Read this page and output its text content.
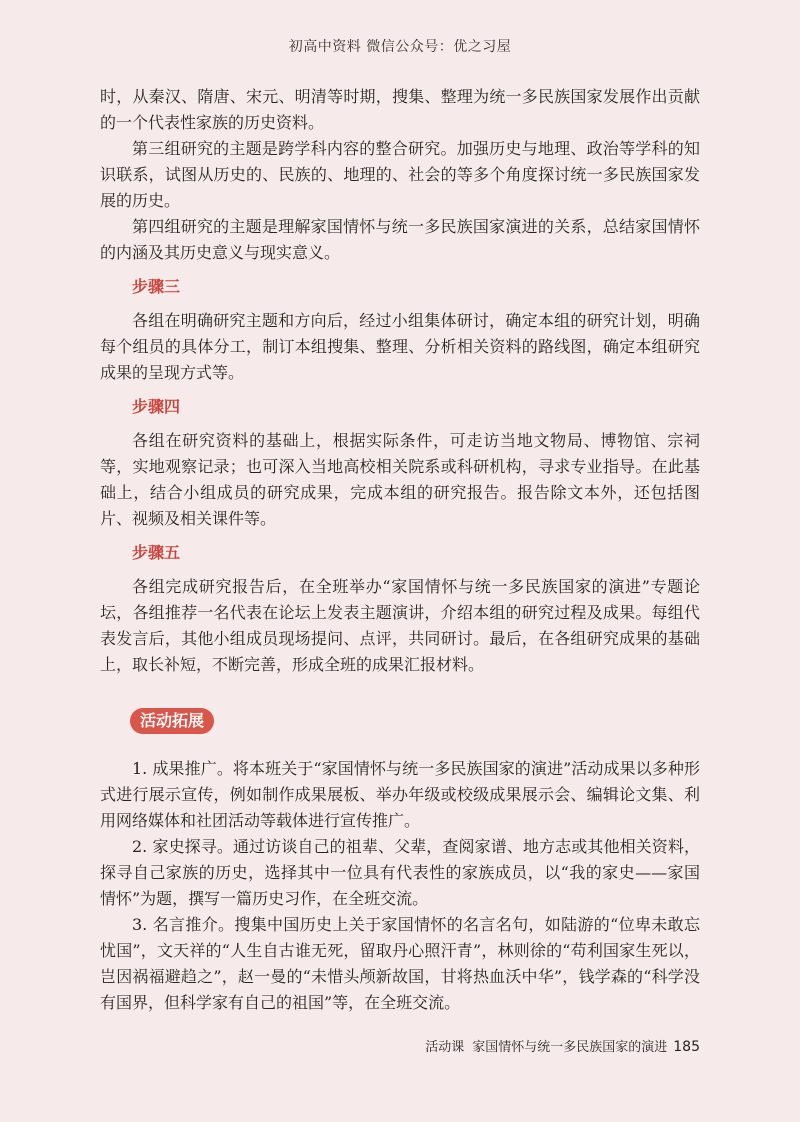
初高中资料 微信公众号：优之习屋

时，从秦汉、隋唐、宋元、明清等时期，搜集、整理为统一多民族国家发展作出贡献的一个代表性家族的历史资料。

第三组研究的主题是跨学科内容的整合研究。加强历史与地理、政治等学科的知识联系，试图从历史的、民族的、地理的、社会的等多个角度探讨统一多民族国家发展的历史。

第四组研究的主题是理解家国情怀与统一多民族国家演进的关系，总结家国情怀的内涵及其历史意义与现实意义。

步骤三

各组在明确研究主题和方向后，经过小组集体研讨，确定本组的研究计划，明确每个组员的具体分工，制订本组搜集、整理、分析相关资料的路线图，确定本组研究成果的呈现方式等。

步骤四

各组在研究资料的基础上，根据实际条件，可走访当地文物局、博物馆、宗祠等，实地观察记录；也可深入当地高校相关院系或科研机构，寻求专业指导。在此基础上，结合小组成员的研究成果，完成本组的研究报告。报告除文本外，还包括图片、视频及相关课件等。

步骤五

各组完成研究报告后，在全班举办“家国情怀与统一多民族国家的演进”专题论坛，各组推荐一名代表在论坛上发表主题演讲，介绍本组的研究过程及成果。每组代表发言后，其他小组成员现场提问、点评，共同研讨。最后，在各组研究成果的基础上，取长补短，不断完善，形成全班的成果汇报材料。

活动拓展

1. 成果推广。将本班关于“家国情怀与统一多民族国家的演进”活动成果以多种形式进行展示宣传，例如制作成果展板、举办年级或校级成果展示会、编辑论文集、利用网络媒体和社团活动等载体进行宣传推广。

2. 家史探寻。通过访谈自己的祖辈、父辈，查阅家谱、地方志或其他相关资料，探寻自己家族的历史，选择其中一位具有代表性的家族成员，以“我的家史——家国情怀”为题，撰写一篇历史习作，在全班交流。

3. 名言推介。搜集中国历史上关于家国情怀的名言名句，如陆游的“位卑未敢忘忧国”，文天祥的“人生自古谁无死，留取丹心照汗青”，林则徐的“苟利国家生死以，岂因祸福避趋之”，赵一曼的“未惜头颅新故国，甘将热血沃中华”，钱学森的“科学没有国界，但科学家有自己的祖国”等，在全班交流。

活动课 家国情怀与统一多民族国家的演进 185
